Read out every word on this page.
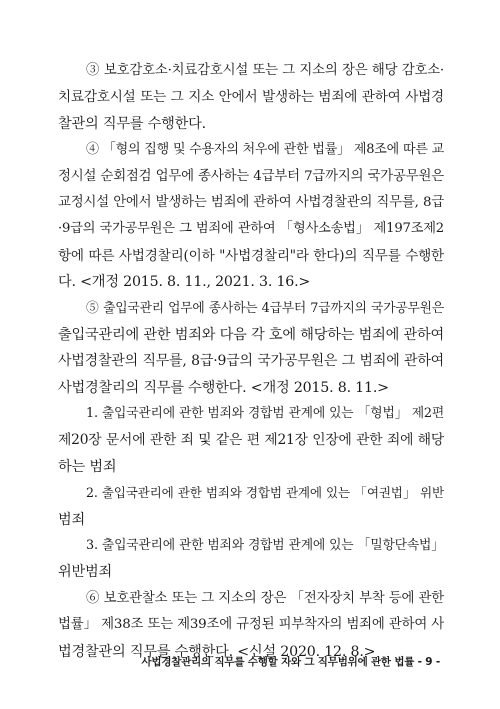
③ 보호감호소·치료감호시설 또는 그 지소의 장은 해당 감호소·
치료감호시설 또는 그 지소 안에서 발생하는 범죄에 관하여 사법경
찰관의 직무를 수행한다.
④ 「형의 집행 및 수용자의 처우에 관한 법률」 제8조에 따른 교
정시설 순회점검 업무에 종사하는 4급부터 7급까지의 국가공무원은
교정시설 안에서 발생하는 범죄에 관하여 사법경찰관의 직무를, 8급
·9급의 국가공무원은 그 범죄에 관하여 「형사소송법」 제197조제2
항에 따른 사법경찰리(이하 "사법경찰리"라 한다)의 직무를 수행한
다. <개정 2015. 8. 11., 2021. 3. 16.>
⑤ 출입국관리 업무에 종사하는 4급부터 7급까지의 국가공무원은
출입국관리에 관한 범죄와 다음 각 호에 해당하는 범죄에 관하여
사법경찰관의 직무를, 8급·9급의 국가공무원은 그 범죄에 관하여
사법경찰리의 직무를 수행한다. <개정 2015. 8. 11.>
1. 출입국관리에 관한 범죄와 경합범 관계에 있는 「형법」 제2편
제20장 문서에 관한 죄 및 같은 편 제21장 인장에 관한 죄에 해당
하는 범죄
2. 출입국관리에 관한 범죄와 경합범 관계에 있는 「여권법」 위반
범죄
3. 출입국관리에 관한 범죄와 경합범 관계에 있는 「밀항단속법」
위반범죄
⑥ 보호관찰소 또는 그 지소의 장은 「전자장치 부착 등에 관한
법률」 제38조 또는 제39조에 규정된 피부착자의 범죄에 관하여 사
법경찰관의 직무를 수행한다. <신설 2020. 12. 8.>
사법경찰관리의 직무를 수행할 자와 그 직무범위에 관한 법률 - 9 -
